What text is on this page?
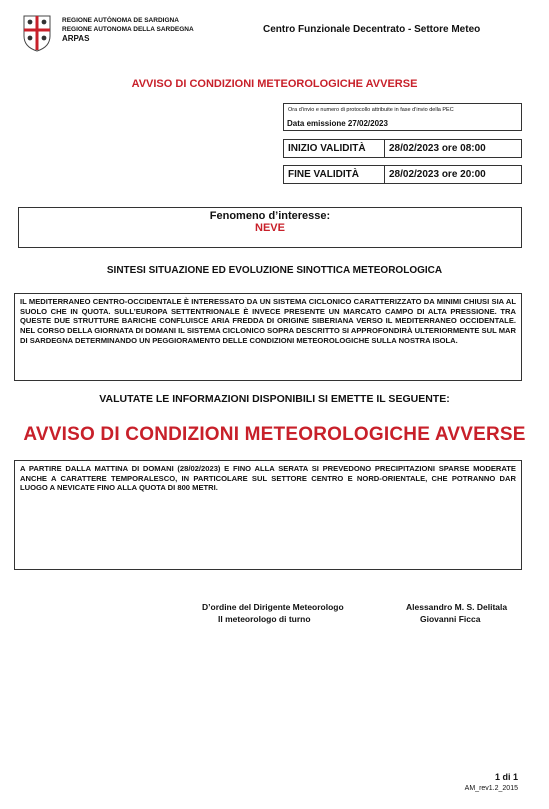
REGIONE AUTÒNOMA DE SARDIGNA
REGIONE AUTONOMA DELLA SARDEGNA
ARPAS
Centro Funzionale Decentrato - Settore Meteo
AVVISO DI CONDIZIONI METEOROLOGICHE AVVERSE
Ora d’invio e numero di protocollo attribuite in fase d’invio della PEC
Data emissione 27/02/2023
INIZIO VALIDITÀ	28/02/2023 ore 08:00
FINE VALIDITÀ	28/02/2023 ore 20:00
Fenomeno d’interesse:
NEVE
SINTESI SITUAZIONE ED EVOLUZIONE SINOTTICA METEOROLOGICA
IL MEDITERRANEO CENTRO-OCCIDENTALE È INTERESSATO DA UN SISTEMA CICLONICO CARATTERIZZATO DA MINIMI CHIUSI SIA AL SUOLO CHE IN QUOTA. SULL’EUROPA SETTENTRIONALE È INVECE PRESENTE UN MARCATO CAMPO DI ALTA PRESSIONE. TRA QUESTE DUE STRUTTURE BARICHE CONFLUISCE ARIA FREDDA DI ORIGINE SIBERIANA VERSO IL MEDITERRANEO OCCIDENTALE. NEL CORSO DELLA GIORNATA DI DOMANI IL SISTEMA CICLONICO SOPRA DESCRITTO SI APPROFONDIRÀ ULTERIORMENTE SUL MAR DI SARDEGNA DETERMINANDO UN PEGGIORAMENTO DELLE CONDIZIONI METEOROLOGICHE SULLA NOSTRA ISOLA.
VALUTATE LE INFORMAZIONI DISPONIBILI SI EMETTE IL SEGUENTE:
AVVISO DI CONDIZIONI METEOROLOGICHE AVVERSE
A PARTIRE DALLA MATTINA DI DOMANI (28/02/2023) E FINO ALLA SERATA SI PREVEDONO PRECIPITAZIONI SPARSE MODERATE ANCHE A CARATTERE TEMPORALESCO, IN PARTICOLARE SUL SETTORE CENTRO E NORD-ORIENTALE, CHE POTRANNO DAR LUOGO A NEVICATE FINO ALLA QUOTA DI 800 METRI.
D’ordine del Dirigente Meteorologo
Il meteorologo di turno
Alessandro M. S. Delitala
Giovanni Ficca
1 di 1
AM_rev1.2_2015
